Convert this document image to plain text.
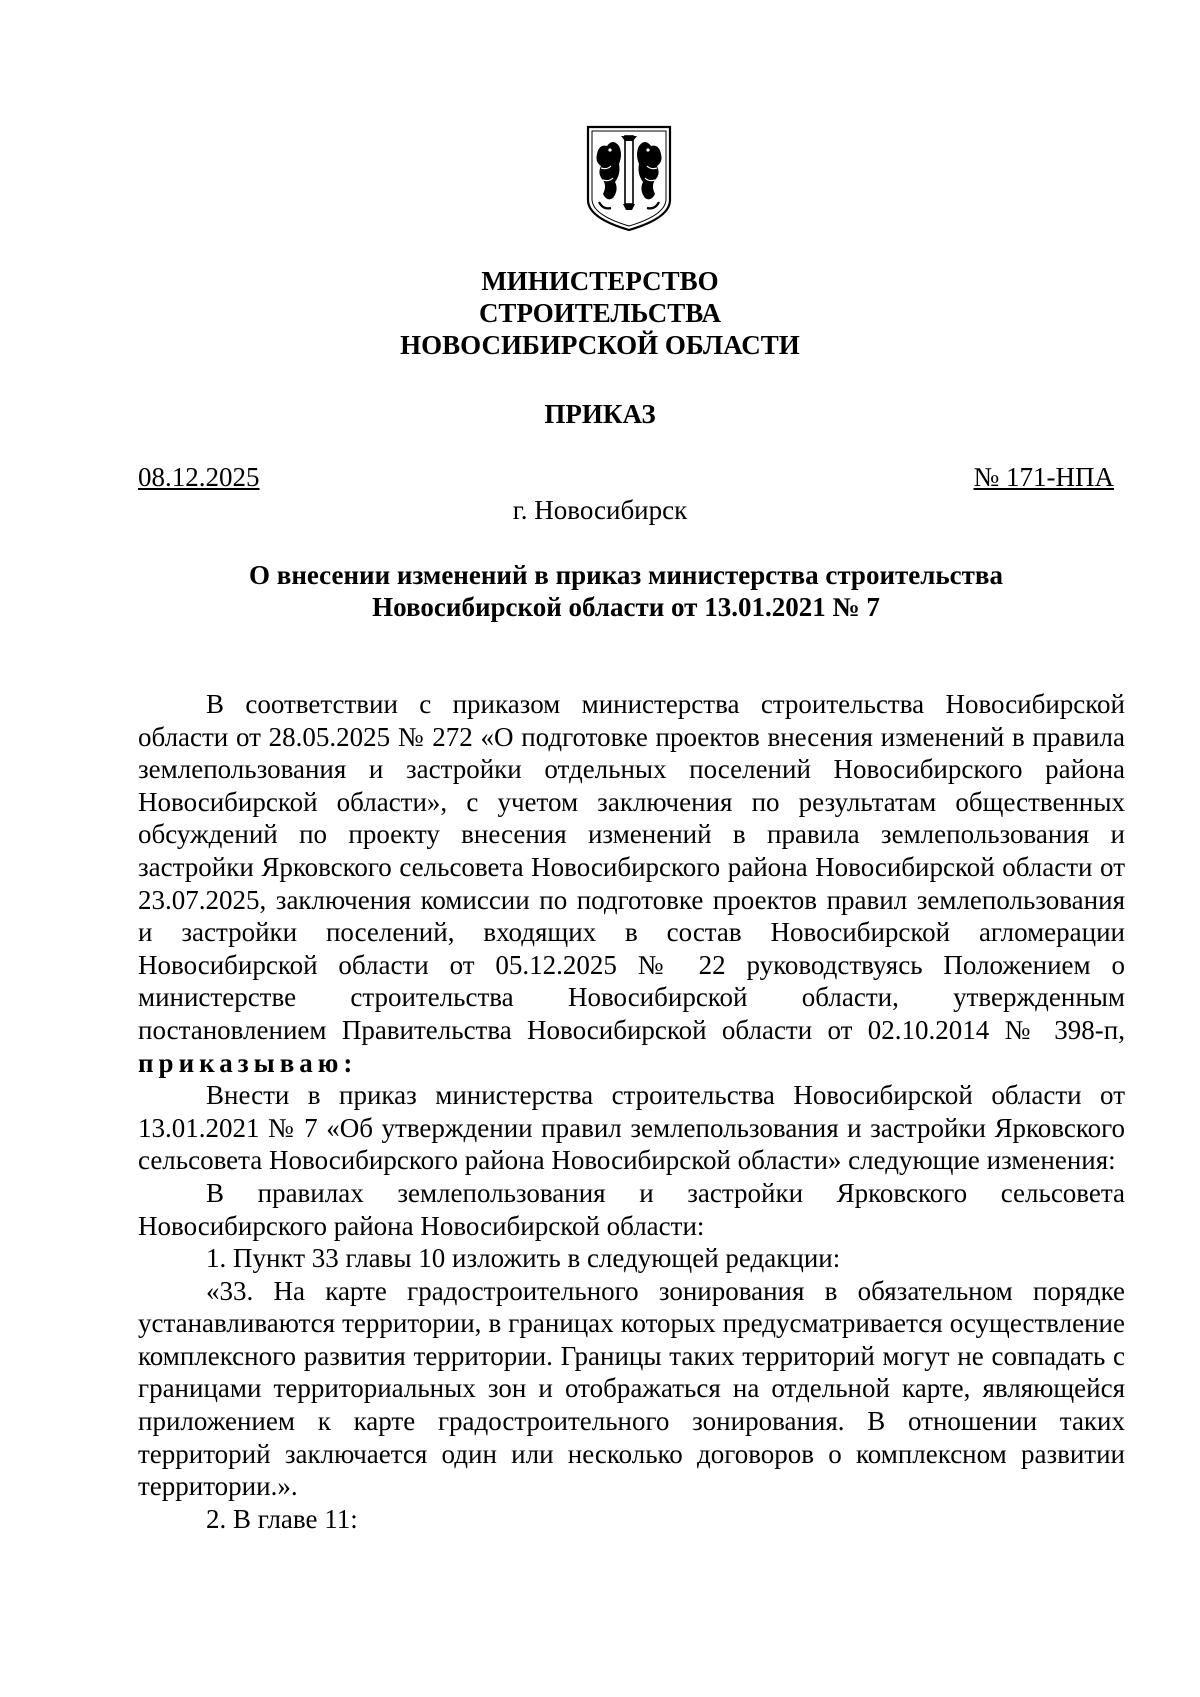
МИНИСТЕРСТВО
СТРОИТЕЛЬСТВА
НОВОСИБИРСКОЙ ОБЛАСТИ
ПРИКАЗ
08.12.2025	№ 171-НПА
г. Новосибирск
О внесении изменений в приказ министерства строительства
Новосибирской области от 13.01.2021 № 7

В соответствии с приказом министерства строительства Новосибирской области от 28.05.2025 № 272 «О подготовке проектов внесения изменений в правила землепользования и застройки отдельных поселений Новосибирского района Новосибирской области», с учетом заключения по результатам общественных обсуждений по проекту внесения изменений в правила землепользования и застройки Ярковского сельсовета Новосибирского района Новосибирской области от 23.07.2025, заключения комиссии по подготовке проектов правил землепользования и застройки поселений, входящих в состав Новосибирской агломерации Новосибирской области от 05.12.2025 № 22 руководствуясь Положением о министерстве строительства Новосибирской области, утвержденным постановлением Правительства Новосибирской области от 02.10.2014 № 398-п, приказываю:

Внести в приказ министерства строительства Новосибирской области от 13.01.2021 № 7 «Об утверждении правил землепользования и застройки Ярковского сельсовета Новосибирского района Новосибирской области» следующие изменения:

В правилах землепользования и застройки Ярковского сельсовета Новосибирского района Новосибирской области:

1. Пункт 33 главы 10 изложить в следующей редакции:

«33. На карте градостроительного зонирования в обязательном порядке устанавливаются территории, в границах которых предусматривается осуществление комплексного развития территории. Границы таких территорий могут не совпадать с границами территориальных зон и отображаться на отдельной карте, являющейся приложением к карте градостроительного зонирования. В отношении таких территорий заключается один или несколько договоров о комплексном развитии территории.».

2. В главе 11:
